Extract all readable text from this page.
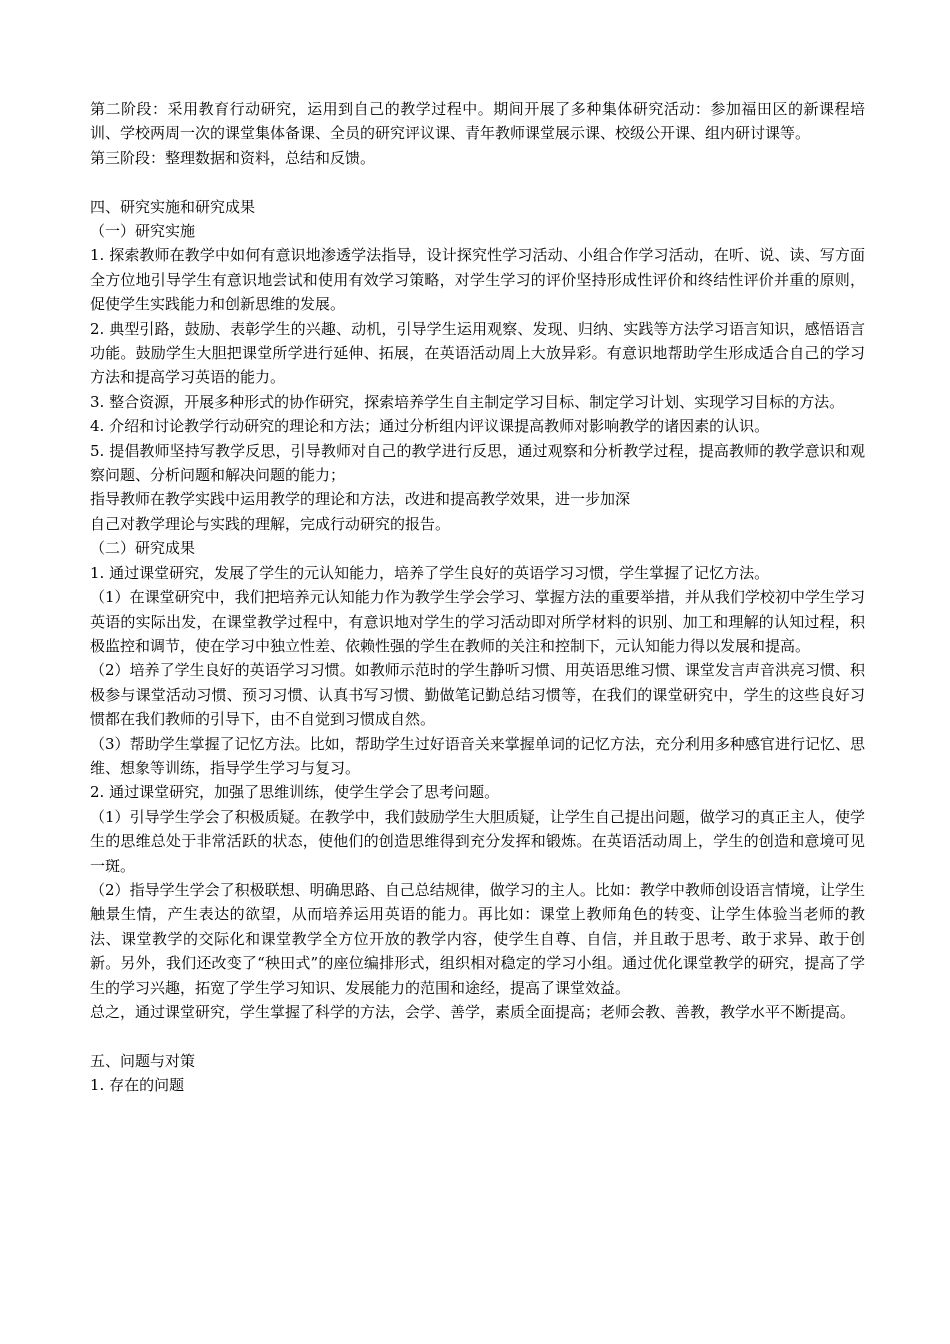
第二阶段：采用教育行动研究，运用到自己的教学过程中。期间开展了多种集体研究活动：参加福田区的新课程培训、学校两周一次的课堂集体备课、全员的研究评议课、青年教师课堂展示课、校级公开课、组内研讨课等。

第三阶段：整理数据和资料，总结和反馈。

四、研究实施和研究成果

（一）研究实施

1. 探索教师在教学中如何有意识地渗透学法指导，设计探究性学习活动、小组合作学习活动，在听、说、读、写方面全方位地引导学生有意识地尝试和使用有效学习策略，对学生学习的评价坚持形成性评价和终结性评价并重的原则，促使学生实践能力和创新思维的发展。

2. 典型引路，鼓励、表彰学生的兴趣、动机，引导学生运用观察、发现、归纳、实践等方法学习语言知识，感悟语言功能。鼓励学生大胆把课堂所学进行延伸、拓展，在英语活动周上大放异彩。有意识地帮助学生形成适合自己的学习方法和提高学习英语的能力。

3. 整合资源，开展多种形式的协作研究，探索培养学生自主制定学习目标、制定学习计划、实现学习目标的方法。

4. 介绍和讨论教学行动研究的理论和方法；通过分析组内评议课提高教师对影响教学的诸因素的认识。

5. 提倡教师坚持写教学反思，引导教师对自己的教学进行反思，通过观察和分析教学过程，提高教师的教学意识和观察问题、分析问题和解决问题的能力；

指导教师在教学实践中运用教学的理论和方法，改进和提高教学效果，进一步加深

自己对教学理论与实践的理解，完成行动研究的报告。

（二）研究成果

1. 通过课堂研究，发展了学生的元认知能力，培养了学生良好的英语学习习惯，学生掌握了记忆方法。

（1）在课堂研究中，我们把培养元认知能力作为教学生学会学习、掌握方法的重要举措，并从我们学校初中学生学习英语的实际出发，在课堂教学过程中，有意识地对学生的学习活动即对所学材料的识别、加工和理解的认知过程，积极监控和调节，使在学习中独立性差、依赖性强的学生在教师的关注和控制下，元认知能力得以发展和提高。

（2）培养了学生良好的英语学习习惯。如教师示范时的学生静听习惯、用英语思维习惯、课堂发言声音洪亮习惯、积极参与课堂活动习惯、预习习惯、认真书写习惯、勤做笔记勤总结习惯等，在我们的课堂研究中，学生的这些良好习惯都在我们教师的引导下，由不自觉到习惯成自然。

（3）帮助学生掌握了记忆方法。比如，帮助学生过好语音关来掌握单词的记忆方法，充分利用多种感官进行记忆、思维、想象等训练，指导学生学习与复习。

2. 通过课堂研究，加强了思维训练，使学生学会了思考问题。

（1）引导学生学会了积极质疑。在教学中，我们鼓励学生大胆质疑，让学生自己提出问题，做学习的真正主人，使学生的思维总处于非常活跃的状态，使他们的创造思维得到充分发挥和锻炼。在英语活动周上，学生的创造和意境可见一斑。

（2）指导学生学会了积极联想、明确思路、自己总结规律，做学习的主人。比如：教学中教师创设语言情境，让学生触景生情，产生表达的欲望，从而培养运用英语的能力。再比如：课堂上教师角色的转变、让学生体验当老师的教法、课堂教学的交际化和课堂教学全方位开放的教学内容，使学生自尊、自信，并且敢于思考、敢于求异、敢于创新。另外，我们还改变了“秧田式”的座位编排形式，组织相对稳定的学习小组。通过优化课堂教学的研究，提高了学生的学习兴趣，拓宽了学生学习知识、发展能力的范围和途经，提高了课堂效益。

总之，通过课堂研究，学生掌握了科学的方法，会学、善学，素质全面提高；老师会教、善教，教学水平不断提高。

五、问题与对策

1. 存在的问题
